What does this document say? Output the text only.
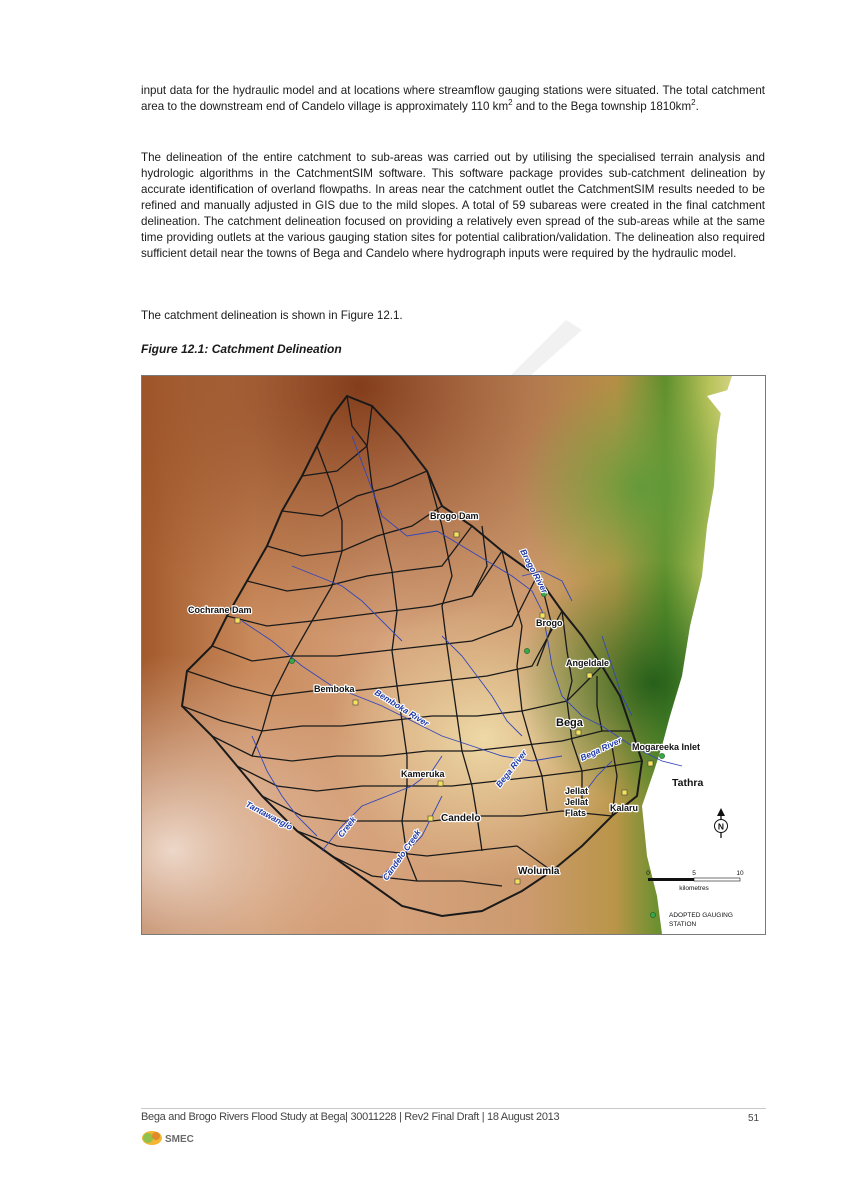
input data for the hydraulic model and at locations where streamflow gauging stations were situated. The total catchment area to the downstream end of Candelo village is approximately 110 $km^2$ and to the Bega township $1810km^2$.

The delineation of the entire catchment to sub-areas was carried out by utilising the specialised terrain analysis and hydrologic algorithms in the CatchmentSIM software. This software package provides sub-catchment delineation by accurate identification of overland flowpaths. In areas near the catchment outlet the CatchmentSIM results needed to be refined and manually adjusted in GIS due to the mild slopes. A total of 59 subareas were created in the final catchment delineation. The catchment delineation focused on providing a relatively even spread of the sub-areas while at the same time providing outlets at the various gauging station sites for potential calibration/validation. The delineation also required sufficient detail near the towns of Bega and Candelo where hydrograph inputs were required by the hydraulic model.

The catchment delineation is shown in Figure 12.1.

Figure 12.1: Catchment Delineation

Brogo Dam
Cochrane Dam
Brogo
Angeldale
Bemboka
Bega
Mogareeka Inlet
Tathra
Kameruka
Jellat
Jellat
Flats	Kalaru
Candelo
Wolumla
Brogo River
Bemboka River
Bega River
Tantawanglo	Creek
Candelo Creek
Bega River
N
0	5	10
kilometres
ADOPTED GAUGING
STATION
Bega and Brogo Rivers Flood Study at Bega| 30011228 | Rev2 Final Draft | 18 August 2013	51
SMEC
